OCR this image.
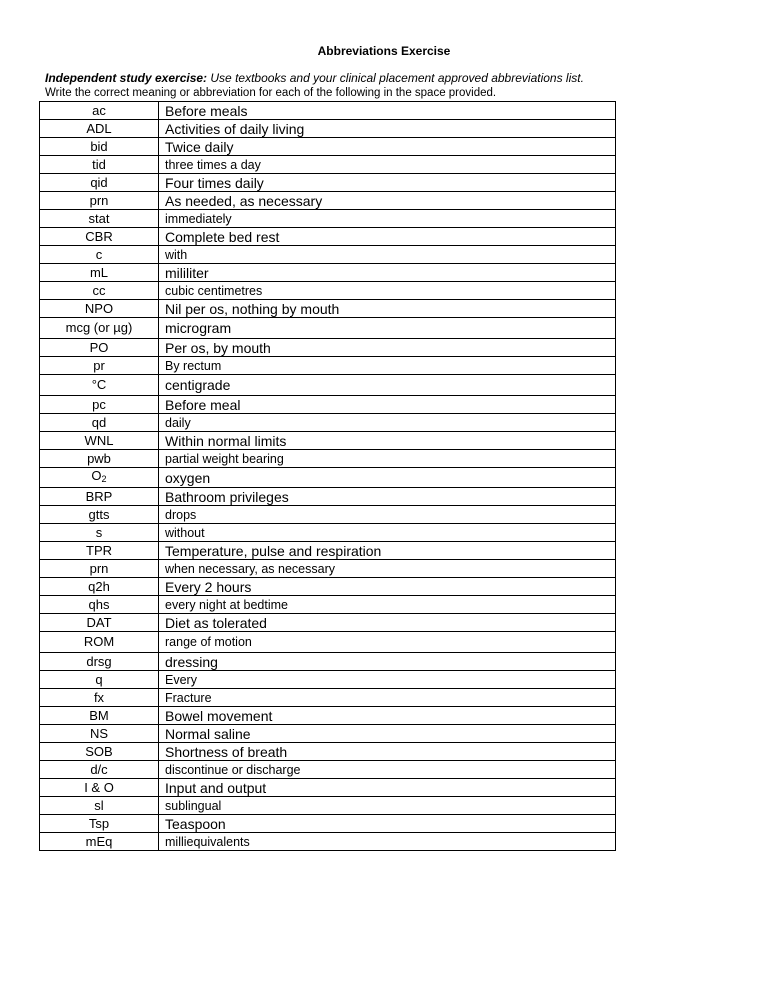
Abbreviations Exercise
Independent study exercise: Use textbooks and your clinical placement approved abbreviations list.
Write the correct meaning or abbreviation for each of the following in the space provided.
ac	Before meals
ADL	Activities of daily living
bid	Twice daily
tid	three times a day
qid	Four times daily
prn	As needed, as necessary
stat	immediately
CBR	Complete bed rest
c	with
mL	mililiter
cc	cubic centimetres
NPO	Nil per os, nothing by mouth
mcg (or µg)	microgram
PO	Per os, by mouth
pr	By rectum
°C	centigrade
pc	Before meal
qd	daily
WNL	Within normal limits
pwb	partial weight bearing
$O_2$	oxygen
BRP	Bathroom privileges
gtts	drops
s	without
TPR	Temperature, pulse and respiration
prn	when necessary, as necessary
q2h	Every 2 hours
qhs	every night at bedtime
DAT	Diet as tolerated
ROM	range of motion
drsg	dressing
q	Every
fx	Fracture
BM	Bowel movement
NS	Normal saline
SOB	Shortness of breath
d/c	discontinue or discharge
I & O	Input and output
sl	sublingual
Tsp	Teaspoon
mEq	milliequivalents
